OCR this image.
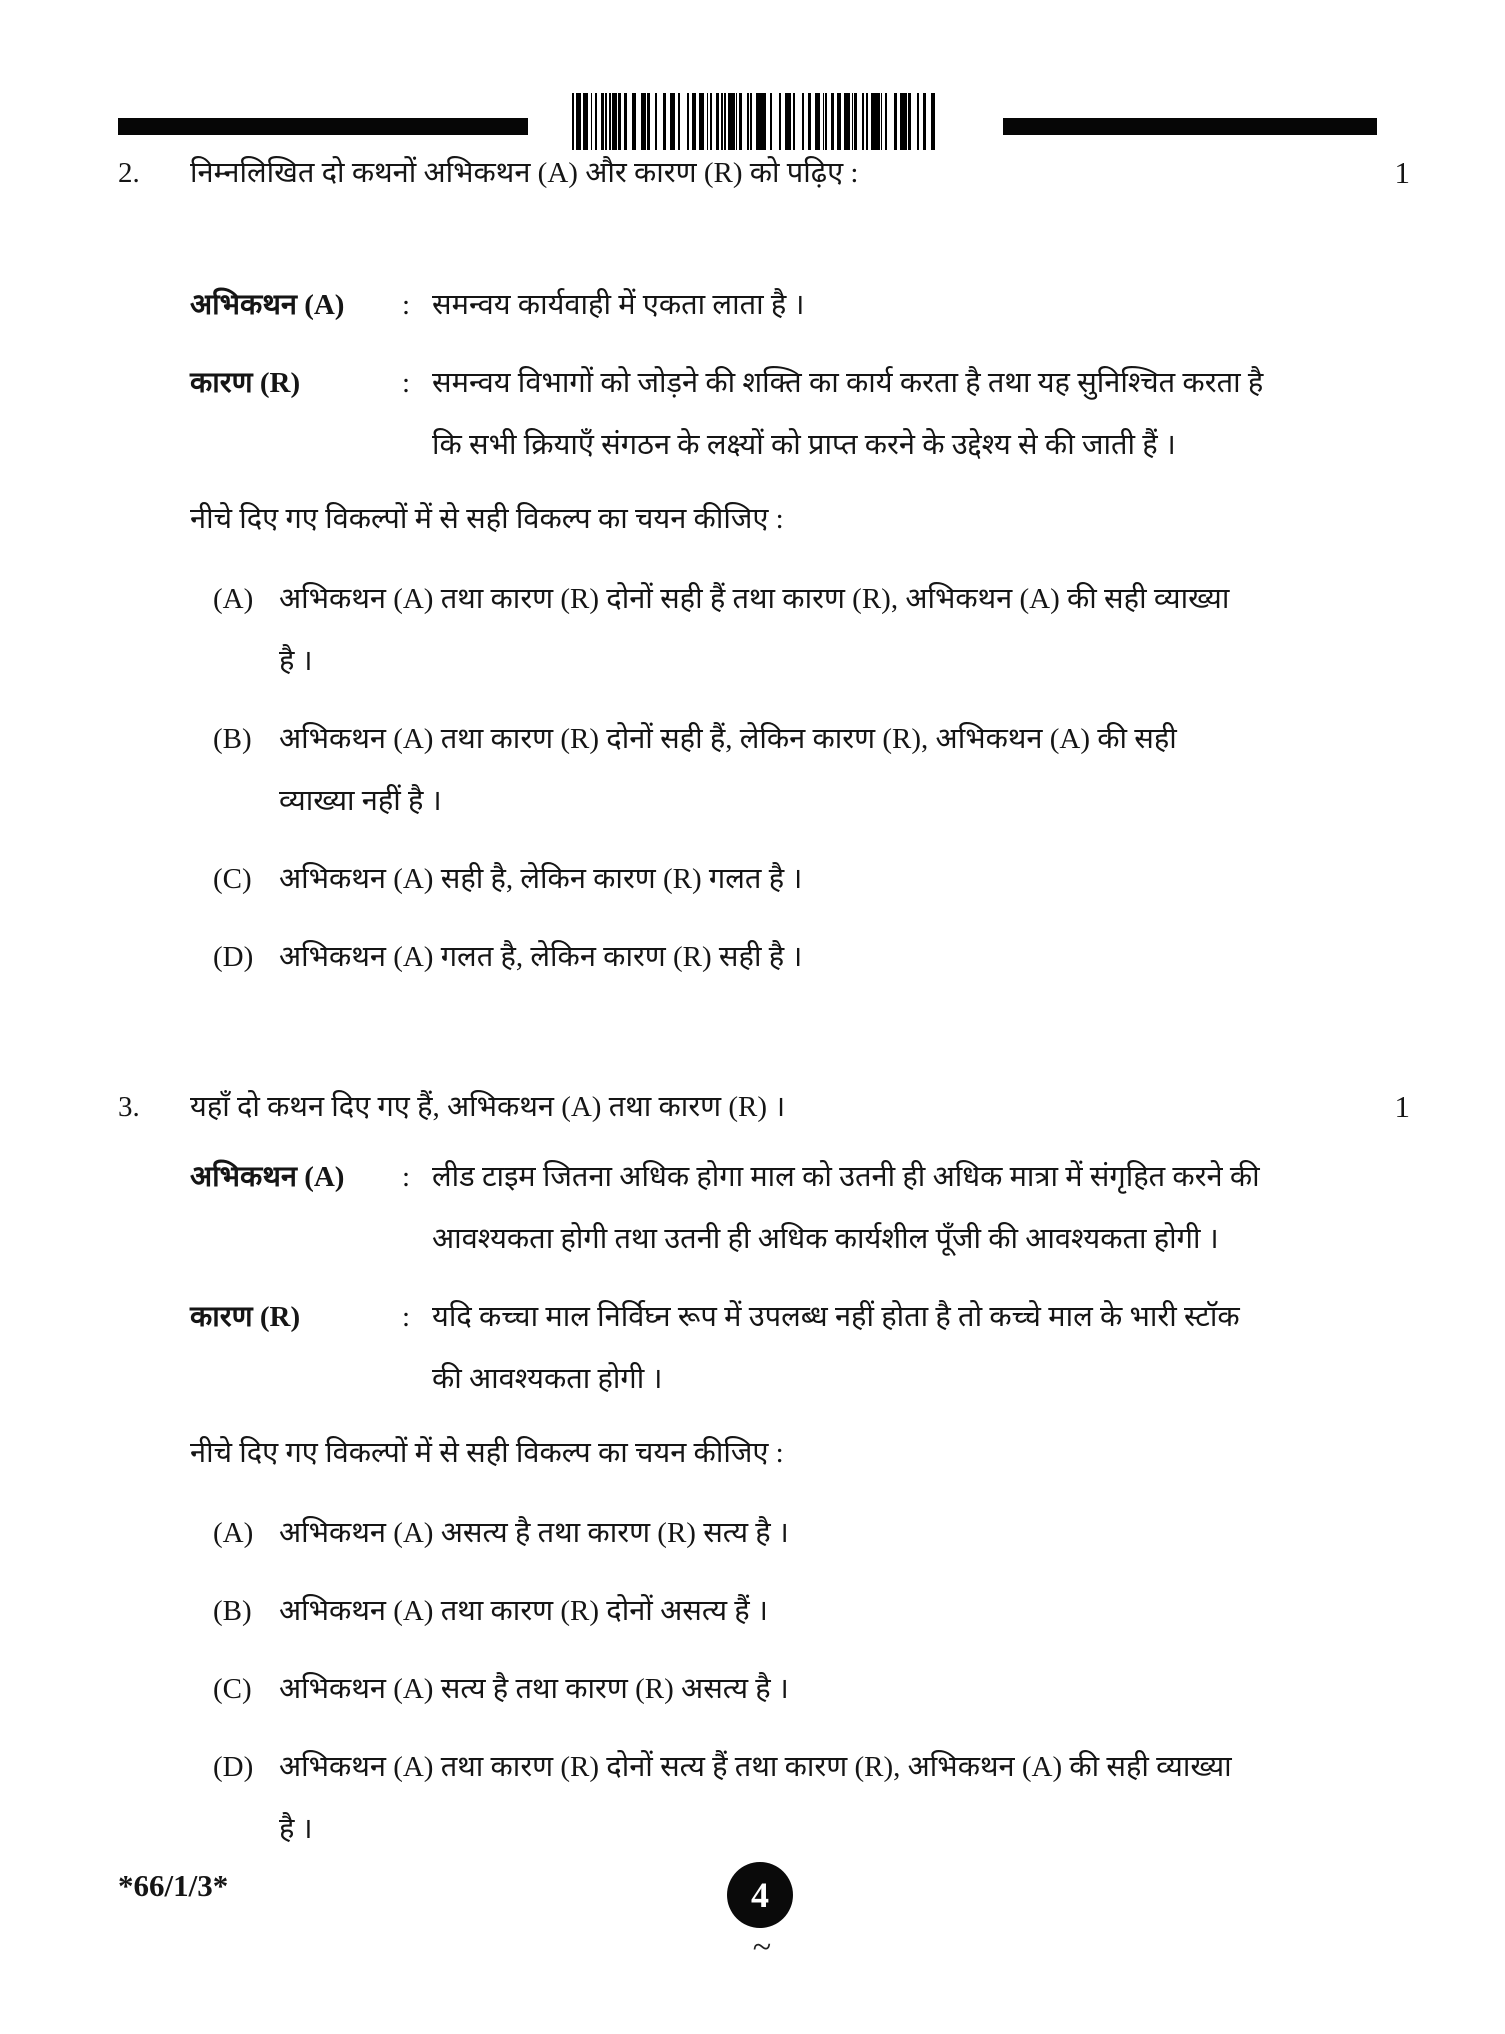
2.	निम्नलिखित दो कथनों अभिकथन (A) और कारण (R) को पढ़िए :	1
अभिकथन (A)	: समन्वय कार्यवाही में एकता लाता है ।
कारण (R)	: समन्वय विभागों को जोड़ने की शक्ति का कार्य करता है तथा यह सुनिश्चित करता है
कि सभी क्रियाएँ संगठन के लक्ष्यों को प्राप्त करने के उद्देश्य से की जाती हैं ।
नीचे दिए गए विकल्पों में से सही विकल्प का चयन कीजिए :
(A) अभिकथन (A) तथा कारण (R) दोनों सही हैं तथा कारण (R), अभिकथन (A) की सही व्याख्या
है ।
(B) अभिकथन (A) तथा कारण (R) दोनों सही हैं, लेकिन कारण (R), अभिकथन (A) की सही
व्याख्या नहीं है ।
(C) अभिकथन (A) सही है, लेकिन कारण (R) गलत है ।
(D) अभिकथन (A) गलत है, लेकिन कारण (R) सही है ।
3.	यहाँ दो कथन दिए गए हैं, अभिकथन (A) तथा कारण (R) ।	1
अभिकथन (A)	: लीड टाइम जितना अधिक होगा माल को उतनी ही अधिक मात्रा में संगृहित करने की
आवश्यकता होगी तथा उतनी ही अधिक कार्यशील पूँजी की आवश्यकता होगी ।
कारण (R)	: यदि कच्चा माल निर्विघ्न रूप में उपलब्ध नहीं होता है तो कच्चे माल के भारी स्टॉक
की आवश्यकता होगी ।
नीचे दिए गए विकल्पों में से सही विकल्प का चयन कीजिए :
(A) अभिकथन (A) असत्य है तथा कारण (R) सत्य है ।
(B) अभिकथन (A) तथा कारण (R) दोनों असत्य हैं ।
(C) अभिकथन (A) सत्य है तथा कारण (R) असत्य है ।
(D) अभिकथन (A) तथा कारण (R) दोनों सत्य हैं तथा कारण (R), अभिकथन (A) की सही व्याख्या
है ।
*66/1/3*	4
~
